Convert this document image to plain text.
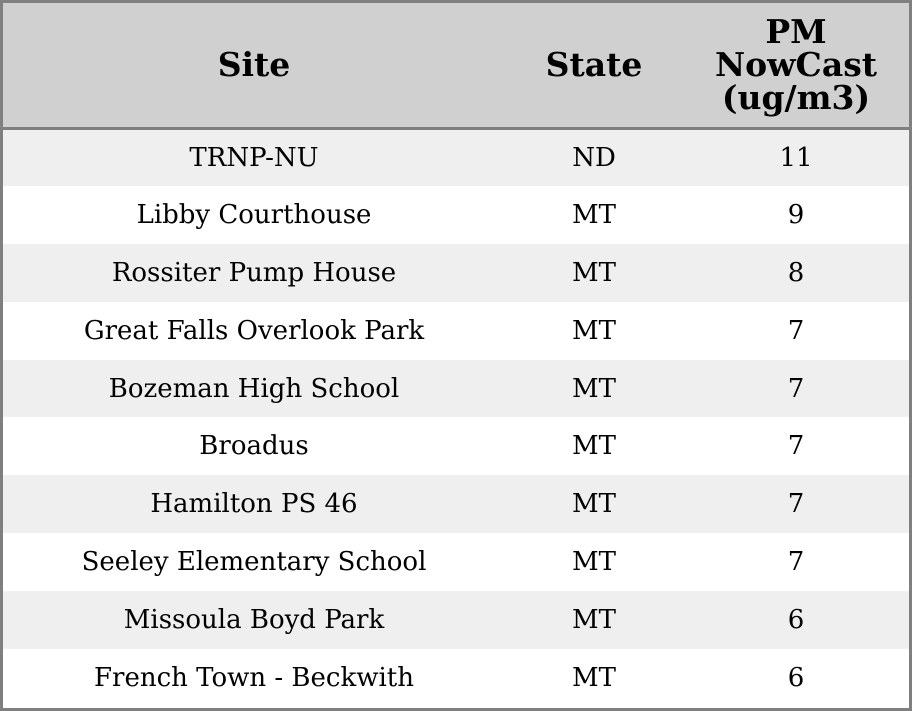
Site	State	PM
NowCast
(ug/m3)

TRNP-NU	ND	11
Libby Courthouse	MT	9
Rossiter Pump House	MT	8
Great Falls Overlook Park	MT	7
Bozeman High School	MT	7
Broadus	MT	7
Hamilton PS 46	MT	7
Seeley Elementary School	MT	7
Missoula Boyd Park	MT	6
French Town - Beckwith	MT	6
